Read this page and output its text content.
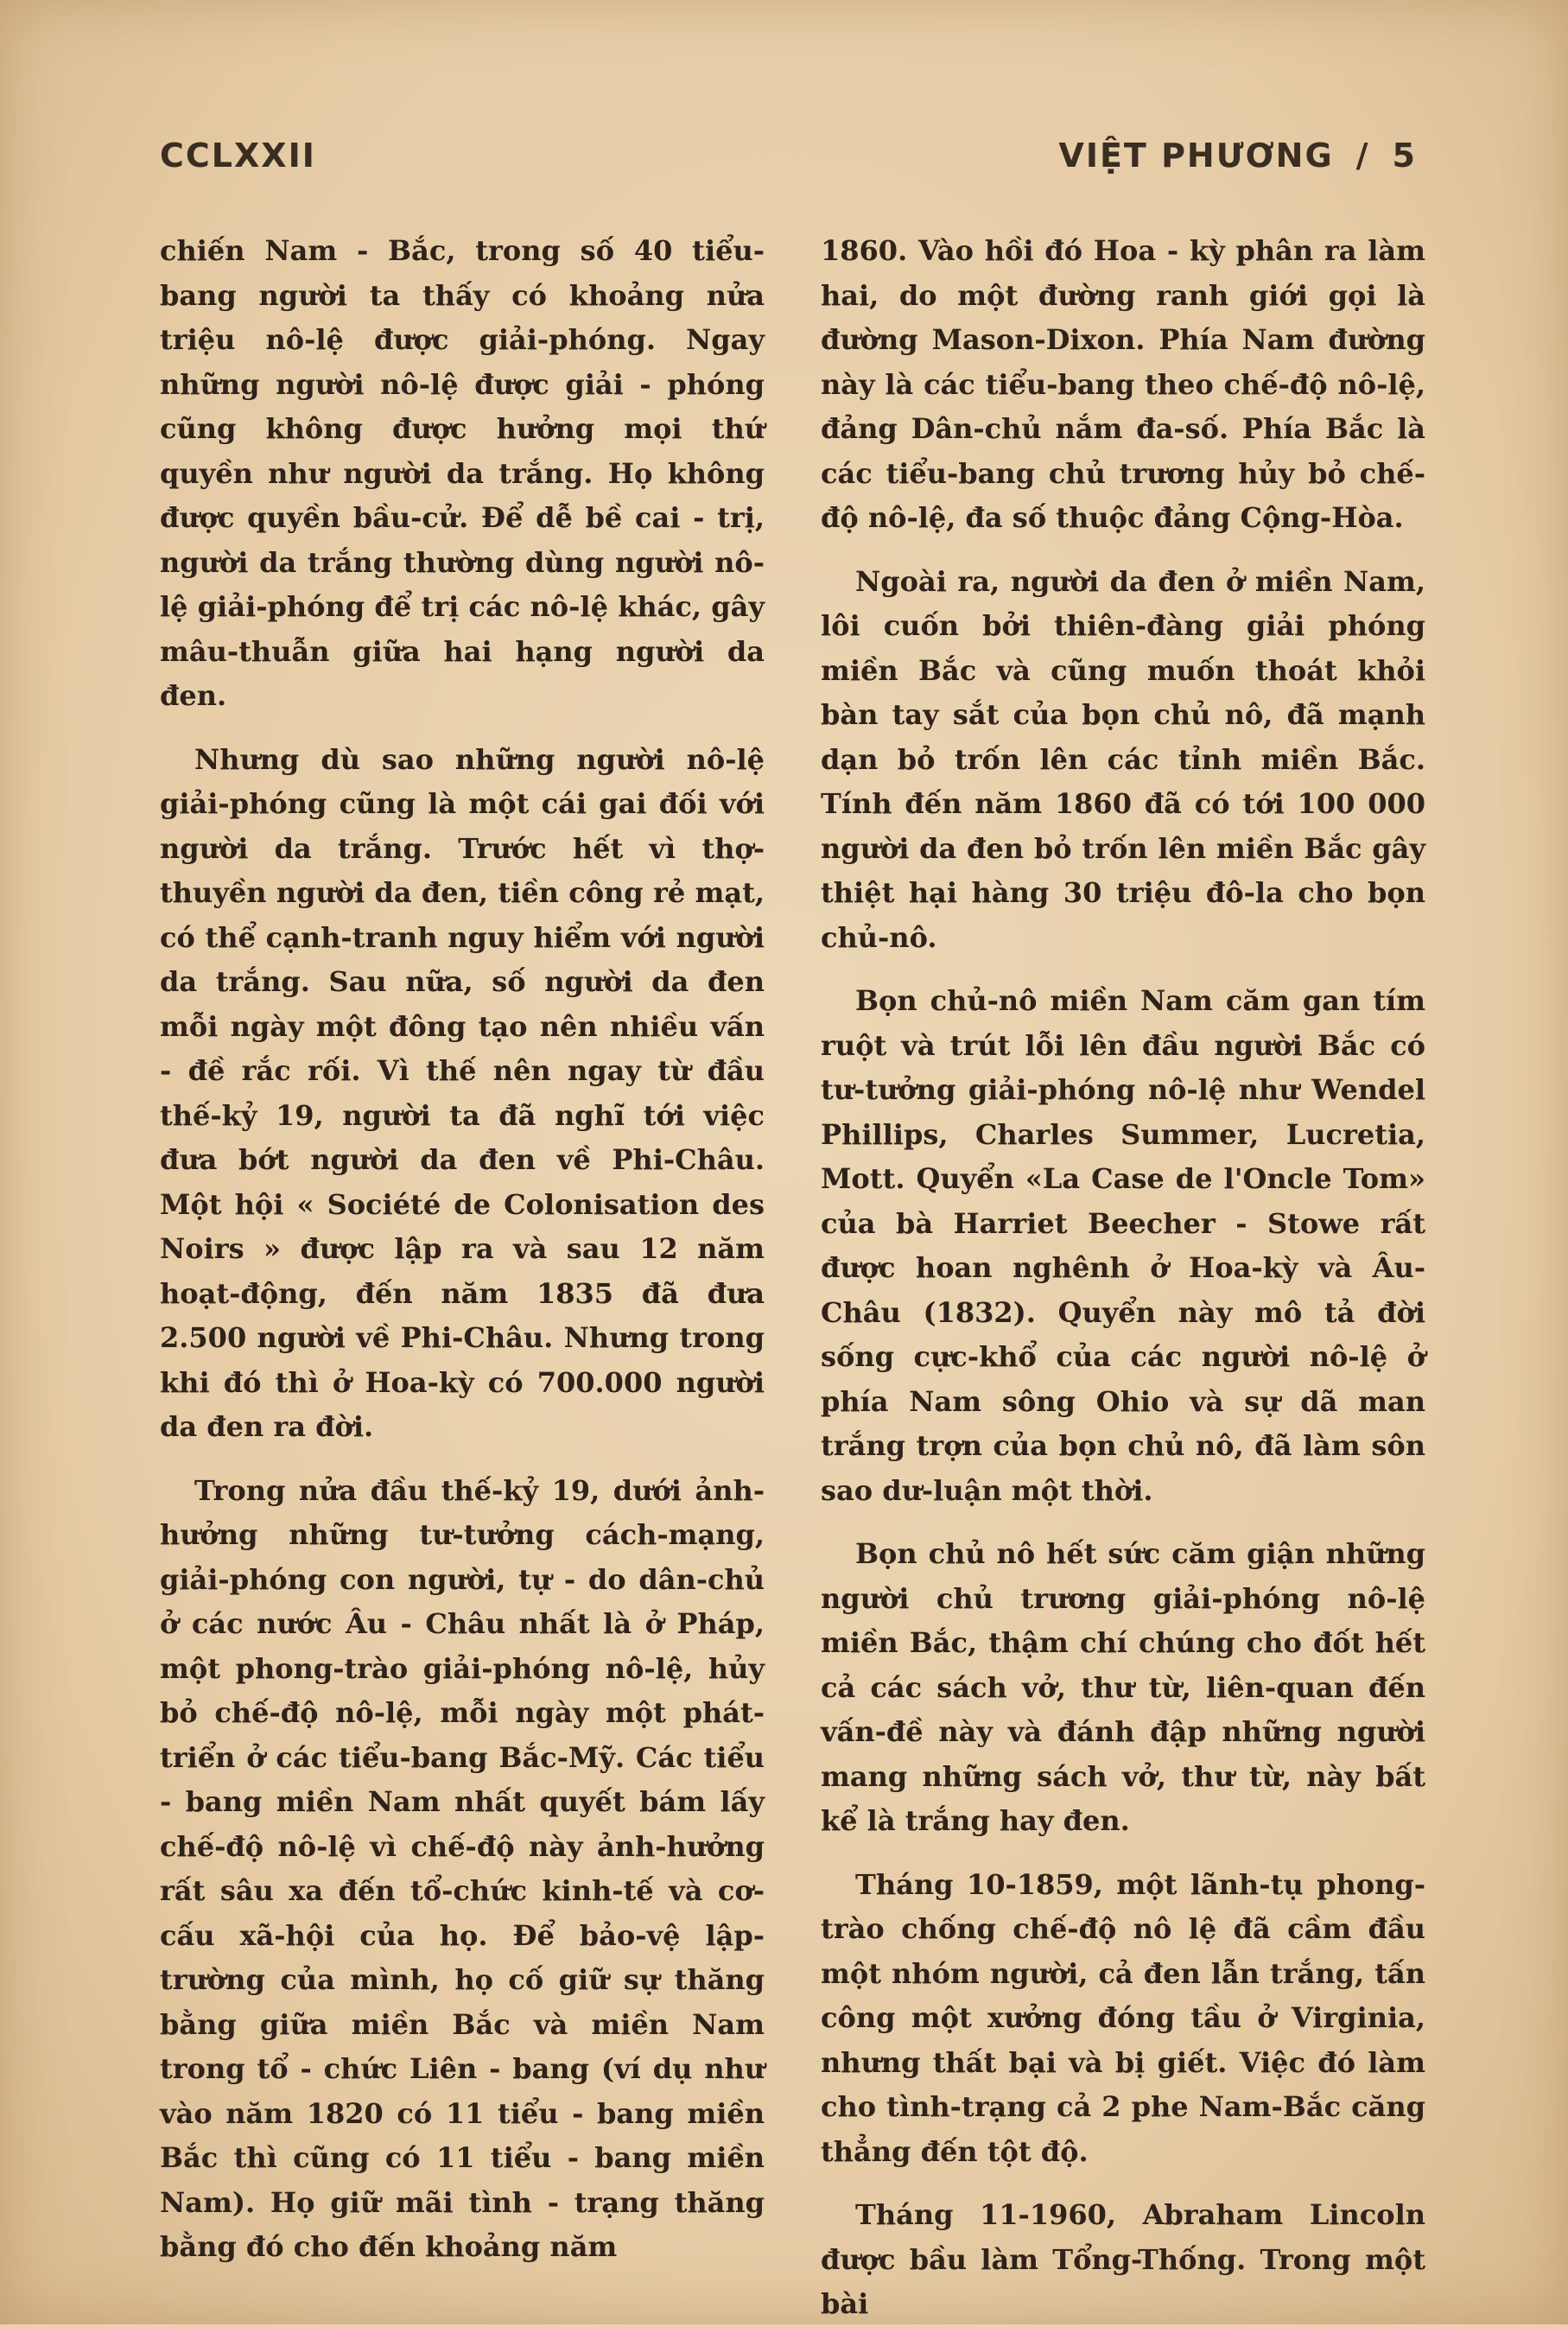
CCLXXII	VIỆT PHƯƠNG / 5

chiến Nam - Bắc, trong số 40 tiểu-bang người ta thấy có khoảng nửa triệu nô-lệ được giải-phóng. Ngay những người nô-lệ được giải - phóng cũng không được hưởng mọi thứ quyền như người da trắng. Họ không được quyền bầu-cử. Để dễ bề cai - trị, người da trắng thường dùng người nô-lệ giải-phóng để trị các nô-lệ khác, gây mâu-thuẫn giữa hai hạng người da đen.

Nhưng dù sao những người nô-lệ giải-phóng cũng là một cái gai đối với người da trắng. Trước hết vì thợ-thuyền người da đen, tiền công rẻ mạt, có thể cạnh-tranh nguy hiểm với người da trắng. Sau nữa, số người da đen mỗi ngày một đông tạo nên nhiều vấn - đề rắc rối. Vì thế nên ngay từ đầu thế-kỷ 19, người ta đã nghĩ tới việc đưa bớt người da đen về Phi-Châu. Một hội « Société de Colonisation des Noirs » được lập ra và sau 12 năm hoạt-động, đến năm 1835 đã đưa 2.500 người về Phi-Châu. Nhưng trong khi đó thì ở Hoa-kỳ có 700.000 người da đen ra đời.

Trong nửa đầu thế-kỷ 19, dưới ảnh-hưởng những tư-tưởng cách-mạng, giải-phóng con người, tự - do dân-chủ ở các nước Âu - Châu nhất là ở Pháp, một phong-trào giải-phóng nô-lệ, hủy bỏ chế-độ nô-lệ, mỗi ngày một phát-triển ở các tiểu-bang Bắc-Mỹ. Các tiểu - bang miền Nam nhất quyết bám lấy chế-độ nô-lệ vì chế-độ này ảnh-hưởng rất sâu xa đến tổ-chức kinh-tế và cơ-cấu xã-hội của họ. Để bảo-vệ lập-trường của mình, họ cố giữ sự thăng bằng giữa miền Bắc và miền Nam trong tổ - chức Liên - bang (ví dụ như vào năm 1820 có 11 tiểu - bang miền Bắc thì cũng có 11 tiểu - bang miền Nam). Họ giữ mãi tình - trạng thăng bằng đó cho đến khoảng năm

1860. Vào hồi đó Hoa - kỳ phân ra làm hai, do một đường ranh giới gọi là đường Mason-Dixon. Phía Nam đường này là các tiểu-bang theo chế-độ nô-lệ, đảng Dân-chủ nắm đa-số. Phía Bắc là các tiểu-bang chủ trương hủy bỏ chế-độ nô-lệ, đa số thuộc đảng Cộng-Hòa.

Ngoài ra, người da đen ở miền Nam, lôi cuốn bởi thiên-đàng giải phóng miền Bắc và cũng muốn thoát khỏi bàn tay sắt của bọn chủ nô, đã mạnh dạn bỏ trốn lên các tỉnh miền Bắc. Tính đến năm 1860 đã có tới 100 000 người da đen bỏ trốn lên miền Bắc gây thiệt hại hàng 30 triệu đô-la cho bọn chủ-nô.

Bọn chủ-nô miền Nam căm gan tím ruột và trút lỗi lên đầu người Bắc có tư-tưởng giải-phóng nô-lệ như Wendel Phillips, Charles Summer, Lucretia, Mott. Quyển «La Case de l'Oncle Tom» của bà Harriet Beecher - Stowe rất được hoan nghênh ở Hoa-kỳ và Âu-Châu (1832). Quyển này mô tả đời sống cực-khổ của các người nô-lệ ở phía Nam sông Ohio và sự dã man trắng trợn của bọn chủ nô, đã làm sôn sao dư-luận một thời.

Bọn chủ nô hết sức căm giận những người chủ trương giải-phóng nô-lệ miền Bắc, thậm chí chúng cho đốt hết cả các sách vở, thư từ, liên-quan đến vấn-đề này và đánh đập những người mang những sách vở, thư từ, này bất kể là trắng hay đen.

Tháng 10-1859, một lãnh-tụ phong-trào chống chế-độ nô lệ đã cầm đầu một nhóm người, cả đen lẫn trắng, tấn công một xưởng đóng tầu ở Virginia, nhưng thất bại và bị giết. Việc đó làm cho tình-trạng cả 2 phe Nam-Bắc căng thẳng đến tột độ.

Tháng 11-1960, Abraham Lincoln được bầu làm Tổng-Thống. Trong một bài
